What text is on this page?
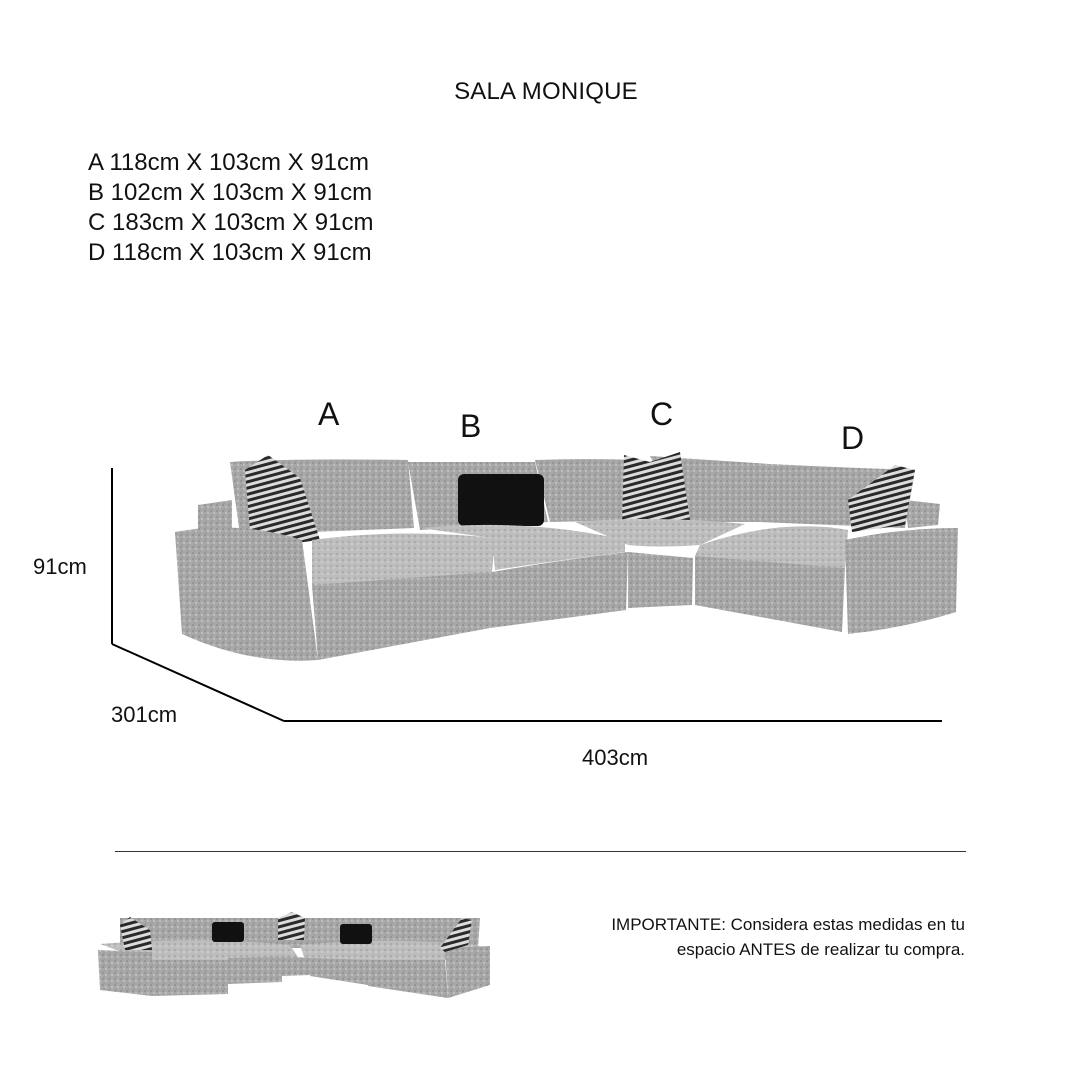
SALA MONIQUE
A 118cm X 103cm X 91cm
B 102cm X 103cm X 91cm
C 183cm X 103cm X 91cm
D 118cm X 103cm X 91cm
A	B	C
D
91cm
301cm
403cm
IMPORTANTE: Considera estas medidas en tu
espacio ANTES de realizar tu compra.
